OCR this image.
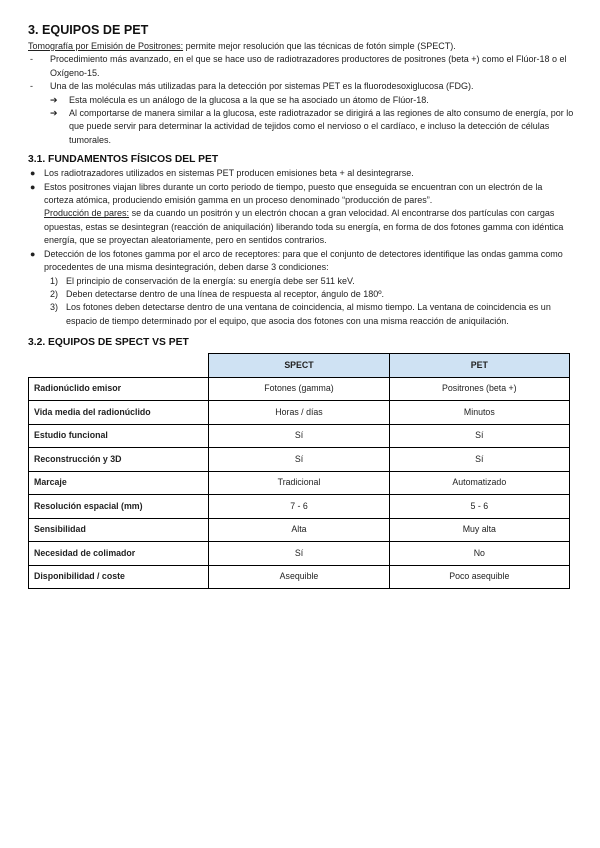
3. EQUIPOS DE PET

Tomografía por Emisión de Positrones: permite mejor resolución que las técnicas de fotón simple (SPECT).

-	Procedimiento más avanzado, en el que se hace uso de radiotrazadores productores de positrones (beta +) como el Flúor-18 o el Oxígeno-15.
-	Una de las moléculas más utilizadas para la detección por sistemas PET es la fluorodesoxiglucosa (FDG).
➔	Esta molécula es un análogo de la glucosa a la que se ha asociado un átomo de Flúor-18.
➔	Al comportarse de manera similar a la glucosa, este radiotrazador se dirigirá a las regiones de alto consumo de energía, por lo que puede servir para determinar la actividad de tejidos como el nervioso o el cardíaco, e incluso la detección de células tumorales.
3.1. FUNDAMENTOS FÍSICOS DEL PET
● Los radiotrazadores utilizados en sistemas PET producen emisiones beta + al desintegrarse.
● Estos positrones viajan libres durante un corto periodo de tiempo, puesto que enseguida se encuentran con un electrón de la corteza atómica, produciendo emisión gamma en un proceso denominado “producción de pares”.

Producción de pares: se da cuando un positrón y un electrón chocan a gran velocidad. Al encontrarse dos partículas con cargas opuestas, estas se desintegran (reacción de aniquilación) liberando toda su energía, en forma de dos fotones gamma con idéntica energía, que se proyectan aleatoriamente, pero en sentidos contrarios.

● Detección de los fotones gamma por el arco de receptores: para que el conjunto de detectores identifique las ondas gamma como procedentes de una misma desintegración, deben darse 3 condiciones:
1) El principio de conservación de la energía: su energía debe ser 511 keV.
2) Deben detectarse dentro de una línea de respuesta al receptor, ángulo de 180º.
3) Los fotones deben detectarse dentro de una ventana de coincidencia, al mismo tiempo. La ventana de coincidencia es un espacio de tiempo determinado por el equipo, que asocia dos fotones con una misma reacción de aniquilación.
3.2. EQUIPOS DE SPECT VS PET
	SPECT	PET
Radionúclido emisor	Fotones (gamma)	Positrones (beta +)
Vida media del radionúclido	Horas / días	Minutos
Estudio funcional	Sí	Sí
Reconstrucción y 3D	Sí	Sí
Marcaje	Tradicional	Automatizado
Resolución espacial (mm)	7 - 6	5 - 6
Sensibilidad	Alta	Muy alta
Necesidad de colimador	Sí	No
Disponibilidad / coste	Asequible	Poco asequible
